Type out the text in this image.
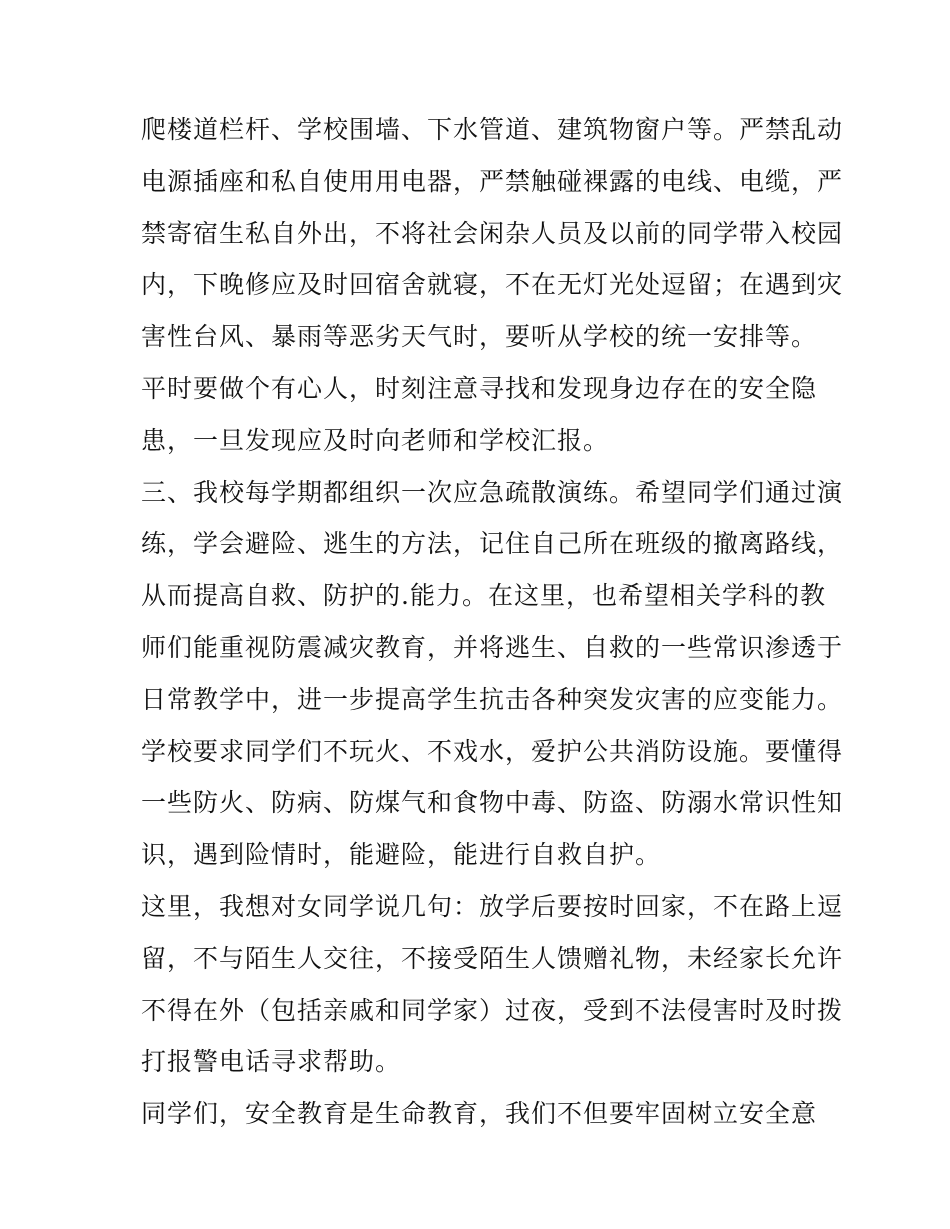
爬楼道栏杆、学校围墙、下水管道、建筑物窗户等。严禁乱动

电源插座和私自使用用电器，严禁触碰裸露的电线、电缆，严

禁寄宿生私自外出，不将社会闲杂人员及以前的同学带入校园

内，下晚修应及时回宿舍就寝，不在无灯光处逗留；在遇到灾

害性台风、暴雨等恶劣天气时，要听从学校的统一安排等。

平时要做个有心人，时刻注意寻找和发现身边存在的安全隐

患，一旦发现应及时向老师和学校汇报。

三、我校每学期都组织一次应急疏散演练。希望同学们通过演

练，学会避险、逃生的方法，记住自己所在班级的撤离路线，

从而提高自救、防护的.能力。在这里，也希望相关学科的教

师们能重视防震减灾教育，并将逃生、自救的一些常识渗透于

日常教学中，进一步提高学生抗击各种突发灾害的应变能力。

学校要求同学们不玩火、不戏水，爱护公共消防设施。要懂得

一些防火、防病、防煤气和食物中毒、防盗、防溺水常识性知

识，遇到险情时，能避险，能进行自救自护。

这里，我想对女同学说几句：放学后要按时回家，不在路上逗

留，不与陌生人交往，不接受陌生人馈赠礼物，未经家长允许

不得在外（包括亲戚和同学家）过夜，受到不法侵害时及时拨

打报警电话寻求帮助。

同学们，安全教育是生命教育，我们不但要牢固树立安全意
